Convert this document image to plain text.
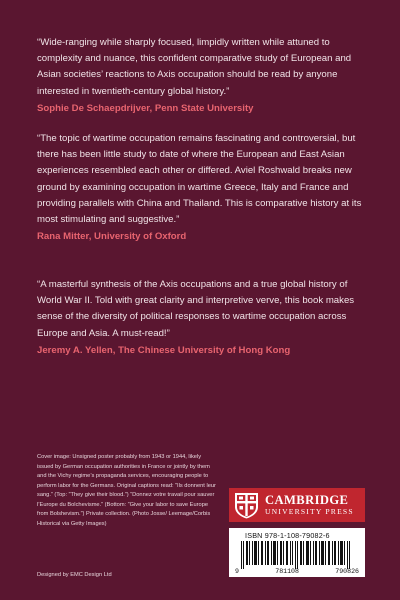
“Wide-ranging while sharply focused, limpidly written while attuned to complexity and nuance, this confident comparative study of European and Asian societies’ reactions to Axis occupation should be read by anyone interested in twentieth-century global history.”

Sophie De Schaepdrijver, Penn State University

“The topic of wartime occupation remains fascinating and controversial, but there has been little study to date of where the European and East Asian experiences resembled each other or differed. Aviel Roshwald breaks new ground by examining occupation in wartime Greece, Italy and France and providing parallels with China and Thailand. This is comparative history at its most stimulating and suggestive.”

Rana Mitter, University of Oxford

“A masterful synthesis of the Axis occupations and a true global history of World War II. Told with great clarity and interpretive verve, this book makes sense of the diversity of political responses to wartime occupation across Europe and Asia. A must-read!”

Jeremy A. Yellen, The Chinese University of Hong Kong

Cover image: Unsigned poster probably from 1943 or 1944, likely issued by German occupation authorities in France or jointly by them and the Vichy regime’s propaganda services, encouraging people to perform labor for the Germans. Original captions read: “Ils donnent leur sang.” (Top: “They give their blood.”) “Donnez votre travail pour sauver l’Europe du Bolchevisme.” (Bottom: “Give your labor to save Europe from Bolshevism.”) Private collection. (Photo Josse/ Leemage/Corbis Historical via Getty Images)

Designed by EMC Design Ltd
CAMBRIDGE
UNIVERSITY PRESS
ISBN 978-1-108-79082-6
9	781108	790826
